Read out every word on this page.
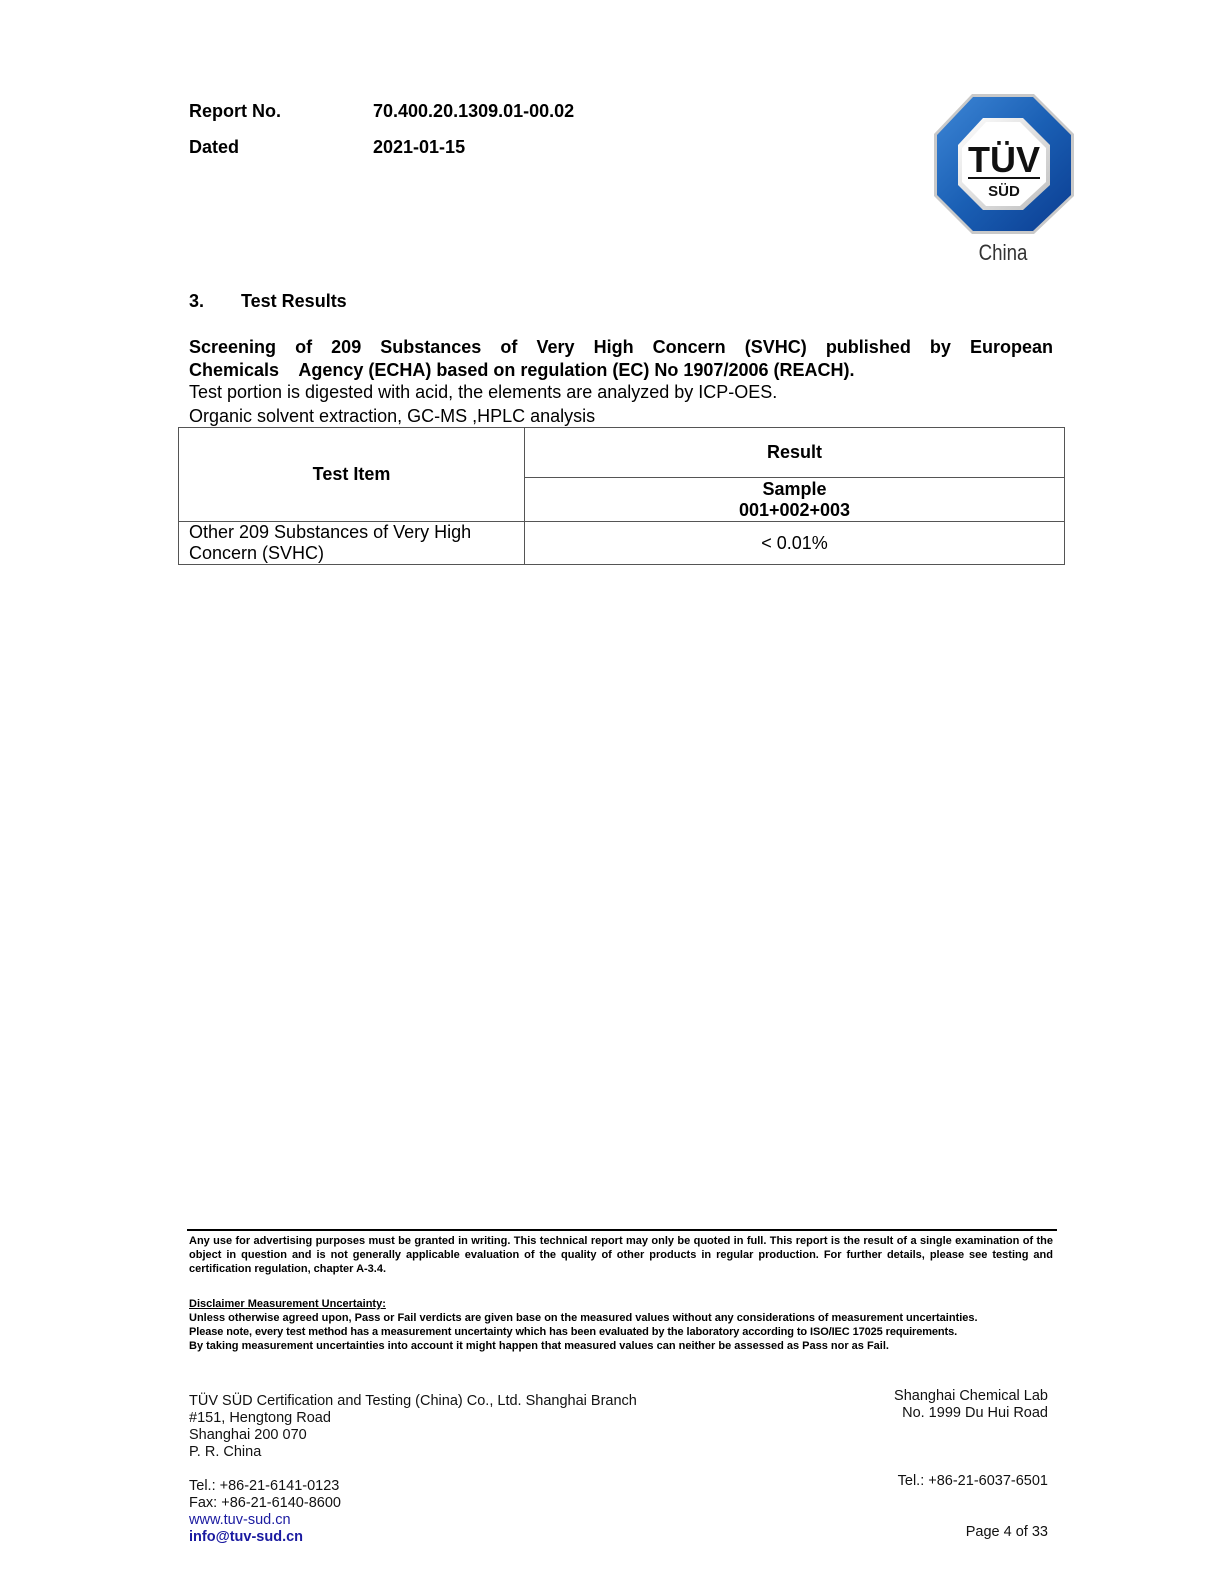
Report No.	70.400.20.1309.01-00.02
Dated	2021-01-15	TÜV
SÜD
China
3. Test Results
Screening of 209 Substances of Very High Concern (SVHC) published by European
Chemicals    Agency (ECHA) based on regulation (EC) No 1907/2006 (REACH).
Test portion is digested with acid, the elements are analyzed by ICP-OES.
Organic solvent extraction, GC-MS ,HPLC analysis
Test Item	Result

	Sample
001+002+003

Other 209 Substances of Very High
Concern (SVHC)	< 0.01%
Any use for advertising purposes must be granted in writing. This technical report may only be quoted in full. This report is the result of a single examination of the object in question and is not generally applicable evaluation of the quality of other products in regular production. For further details, please see testing and certification regulation, chapter A-3.4.
Disclaimer Measurement Uncertainty:
Unless otherwise agreed upon, Pass or Fail verdicts are given base on the measured values without any considerations of measurement uncertainties.
Please note, every test method has a measurement uncertainty which has been evaluated by the laboratory according to ISO/IEC 17025 requirements.
By taking measurement uncertainties into account it might happen that measured values can neither be assessed as Pass nor as Fail.
TÜV SÜD Certification and Testing (China) Co., Ltd. Shanghai Branch
#151, Hengtong Road
Shanghai 200 070
P. R. China
Tel.: +86-21-6141-0123
Fax: +86-21-6140-8600
www.tuv-sud.cn
info@tuv-sud.cn
Shanghai Chemical Lab
No. 1999 Du Hui Road
Tel.: +86-21-6037-6501
Page 4 of 33
